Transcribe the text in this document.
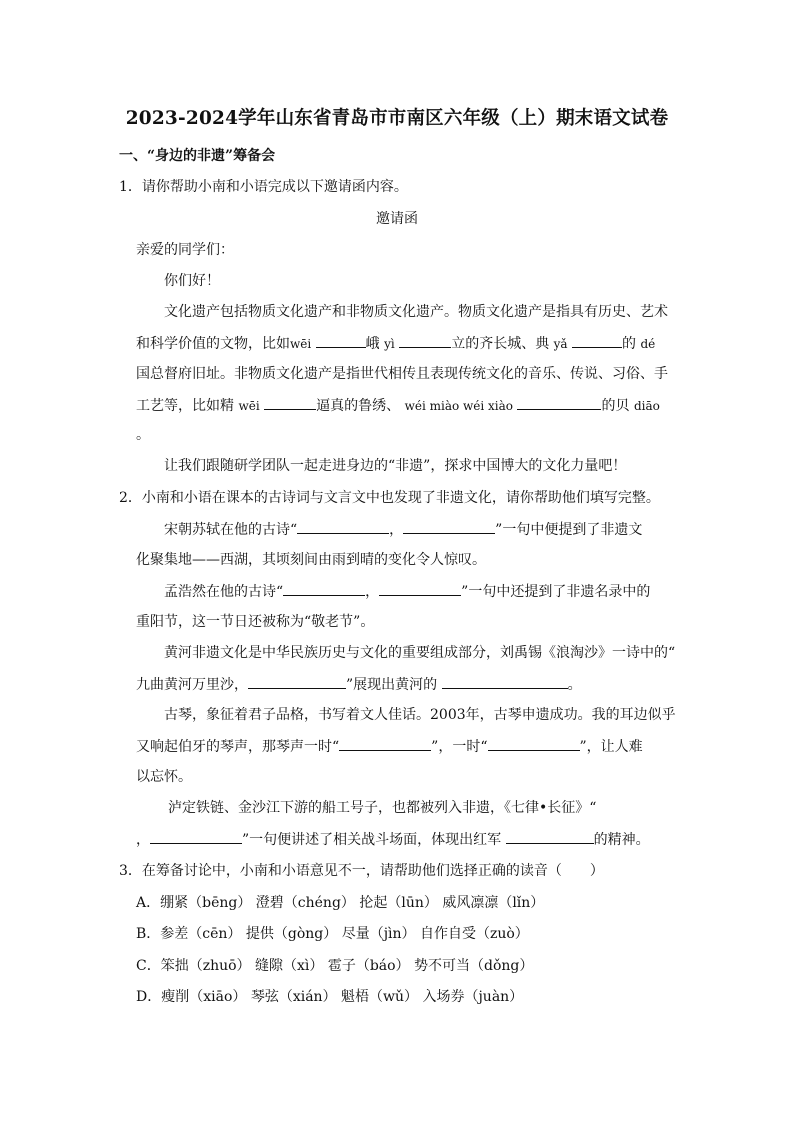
2023-2024学年山东省青岛市市南区六年级（上）期末语文试卷
一、“身边的非遗”筹备会
1．请你帮助小南和小语完成以下邀请函内容。
邀请函
亲爱的同学们：
你们好！
文化遗产包括物质文化遗产和非物质文化遗产。物质文化遗产是指具有历史、艺术
和科学价值的文物，比如wēi	峨 yì	立的齐长城、典 yǎ	的 dé
国总督府旧址。非物质文化遗产是指世代相传且表现传统文化的音乐、传说、习俗、手
工艺等，比如精 wēi	逼真的鲁绣、 wéi miào wéi xiào	的贝 diāo
。
让我们跟随研学团队一起走进身边的“非遗”，探求中国博大的文化力量吧！
2．小南和小语在课本的古诗词与文言文中也发现了非遗文化，请你帮助他们填写完整。
宋朝苏轼在他的古诗“	，	”一句中便提到了非遗文
化聚集地——西湖，其顷刻间由雨到晴的变化令人惊叹。
孟浩然在他的古诗“	，	”一句中还提到了非遗名录中的
重阳节，这一节日还被称为“敬老节”。
黄河非遗文化是中华民族历史与文化的重要组成部分，刘禹锡《浪淘沙》一诗中的“
九曲黄河万里沙，	”展现出黄河的	。
古琴，象征着君子品格，书写着文人佳话。2003年，古琴申遗成功。我的耳边似乎
又响起伯牙的琴声，那琴声一时“	”，一时“	”，让人难
以忘怀。
泸定铁链、金沙江下游的船工号子，也都被列入非遗，《七律•长征》“
，	”一句便讲述了相关战斗场面，体现出红军	的精神。
3．在筹备讨论中，小南和小语意见不一，请帮助他们选择正确的读音（　　）
A．绷紧（bēng） 澄碧（chéng） 抡起（lūn） 威风凛凛（lǐn）
B．参差（cēn） 提供（gòng） 尽量（jìn） 自作自受（zuò）
C．笨拙（zhuō） 缝隙（xì） 雹子（báo） 势不可当（dǒng）
D．瘦削（xiāo） 琴弦（xián） 魁梧（wǔ） 入场券（juàn）
